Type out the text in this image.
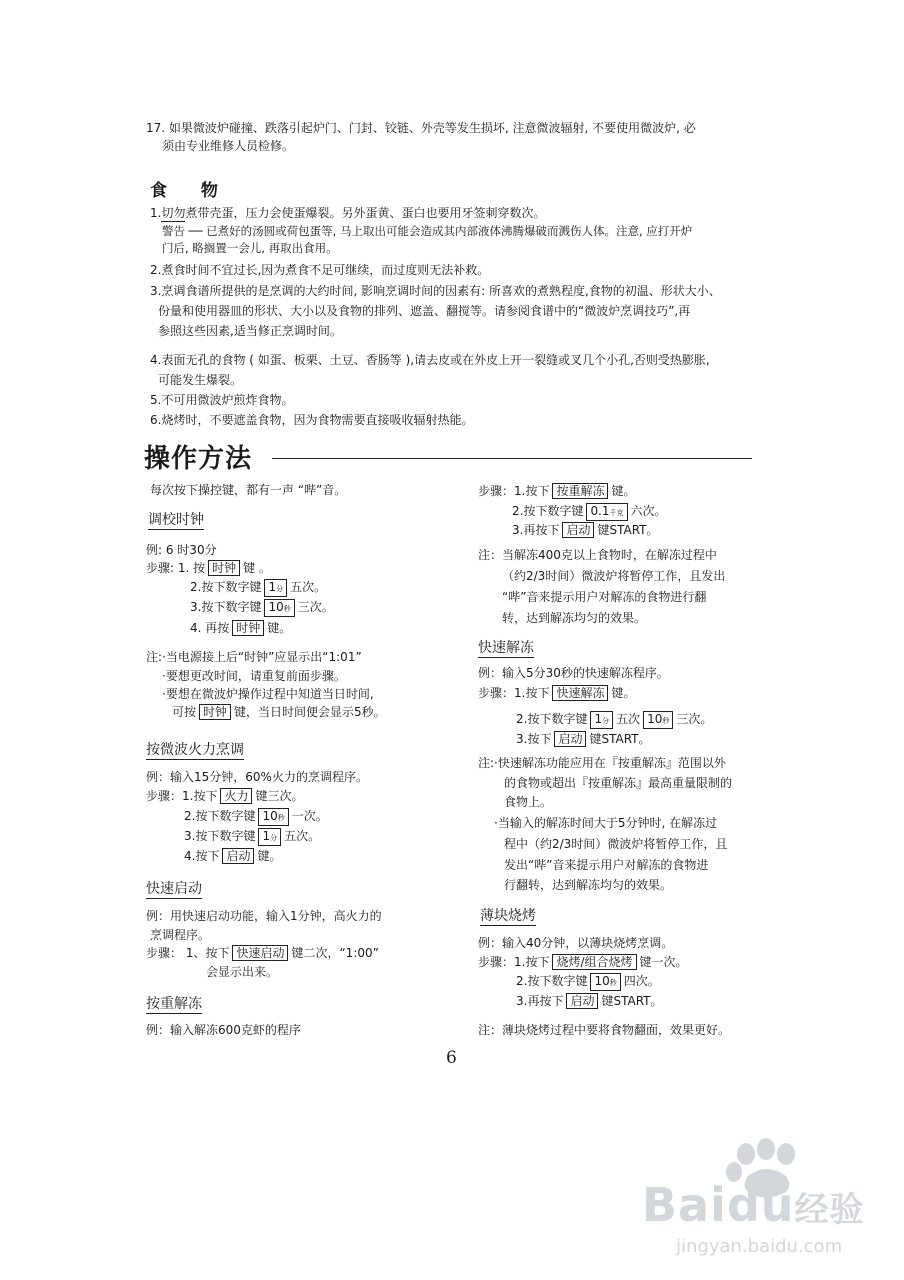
17. 如果微波炉碰撞、跌落引起炉门、门封、铰链、外壳等发生损坏, 注意微波辐射, 不要使用微波炉, 必
须由专业维修人员检修。
食 物
1.切勿煮带壳蛋，压力会使蛋爆裂。另外蛋黄、蛋白也要用牙签刺穿数次。
警告 ── 已煮好的汤圆或荷包蛋等, 马上取出可能会造成其内部液体沸腾爆破而溅伤人体。注意, 应打开炉
门后, 略搁置一会儿, 再取出食用。
2.煮食时间不宜过长,因为煮食不足可继续，而过度则无法补救。
3.烹调食谱所提供的是烹调的大约时间, 影响烹调时间的因素有: 所喜欢的煮熟程度,食物的初温、形状大小、
份量和使用器皿的形状、大小以及食物的排列、遮盖、翻搅等。请参阅食谱中的“微波炉烹调技巧”,再
参照这些因素,适当修正烹调时间。
4.表面无孔的食物 ( 如蛋、板栗、土豆、香肠等 ),请去皮或在外皮上开一裂缝或叉几个小孔,否则受热膨胀,
可能发生爆裂。
5.不可用微波炉煎炸食物。
6.烧烤时，不要遮盖食物，因为食物需要直接吸收辐射热能。
操作方法
每次按下操控键，都有一声 “哔”音。
调校时钟
例: 6 时30分
步骤: 1. 按 时钟 键 。
2.按下数字键 1分 五次。
3.按下数字键 10秒 三次。
4. 再按 时钟 键。
注:·当电源接上后“时钟”应显示出“1:01”
·要想更改时间，请重复前面步骤。
·要想在微波炉操作过程中知道当日时间,
可按 时钟 键，当日时间便会显示5秒。
按微波火力烹调
例：输入15分钟，60%火力的烹调程序。
步骤：1.按下 火力 键三次。
2.按下数字键 10秒 一次。
3.按下数字键 1分 五次。
4.按下 启动 键。
快速启动
例：用快速启动功能，输入1分钟，高火力的
烹调程序。
步骤： 1、按下 快速启动 键二次，“1:00”
会显示出来。
按重解冻
例：输入解冻600克虾的程序
步骤：1.按下 按重解冻 键。
2.按下数字键 0.1千克 六次。
3.再按下 启动 键START。
注：当解冻400克以上食物时，在解冻过程中
（约2/3时间）微波炉将暂停工作，且发出
“哔”音来提示用户对解冻的食物进行翻
转，达到解冻均匀的效果。
快速解冻
例：输入5分30秒的快速解冻程序。
步骤：1.按下 快速解冻 键。
2.按下数字键 1分 五次 10秒 三次。
3.按下 启动 键START。
注:·快速解冻功能应用在『按重解冻』范围以外
的食物或超出『按重解冻』最高重量限制的
食物上。
·当输入的解冻时间大于5分钟时, 在解冻过
程中（约2/3时间）微波炉将暂停工作，且
发出“哔”音来提示用户对解冻的食物进
行翻转，达到解冻均匀的效果。
薄块烧烤
例：输入40分钟，以薄块烧烤烹调。
步骤：1.按下 烧烤/组合烧烤 键一次。
2.按下数字键 10秒 四次。
3.再按下 启动 键START。
注：薄块烧烤过程中要将食物翻面，效果更好。
6
Baidu经验
jingyan.baidu.com
